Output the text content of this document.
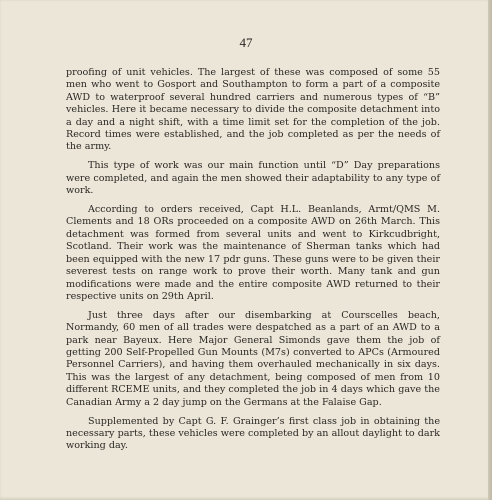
47

proofing of unit vehicles. The largest of these was composed of some 55 men who went to Gosport and Southampton to form a part of a composite AWD to waterproof several hundred carriers and numerous types of “B” vehicles. Here it became necessary to divide the composite detachment into a day and a night shift, with a time limit set for the completion of the job. Record times were established, and the job completed as per the needs of the army.

This type of work was our main function until “D” Day preparations were completed, and again the men showed their adaptability to any type of work.

According to orders received, Capt H.L. Beanlands, Armt/QMS M. Clements and 18 ORs proceeded on a composite AWD on 26th March. This detachment was formed from several units and went to Kirkcudbright, Scotland. Their work was the maintenance of Sherman tanks which had been equipped with the new 17 pdr guns. These guns were to be given their severest tests on range work to prove their worth. Many tank and gun modifications were made and the entire composite AWD returned to their respective units on 29th April.

Just three days after our disembarking at Courscelles beach, Normandy, 60 men of all trades were despatched as a part of an AWD to a park near Bayeux. Here Major General Simonds gave them the job of getting 200 Self-Propelled Gun Mounts (M7s) converted to APCs (Armoured Personnel Carriers), and having them overhauled mechanically in six days. This was the largest of any detachment, being composed of men from 10 different RCEME units, and they completed the job in 4 days which gave the Canadian Army a 2 day jump on the Germans at the Falaise Gap.

Supplemented by Capt G. F. Grainger’s first class job in obtaining the necessary parts, these vehicles were completed by an allout daylight to dark working day.
